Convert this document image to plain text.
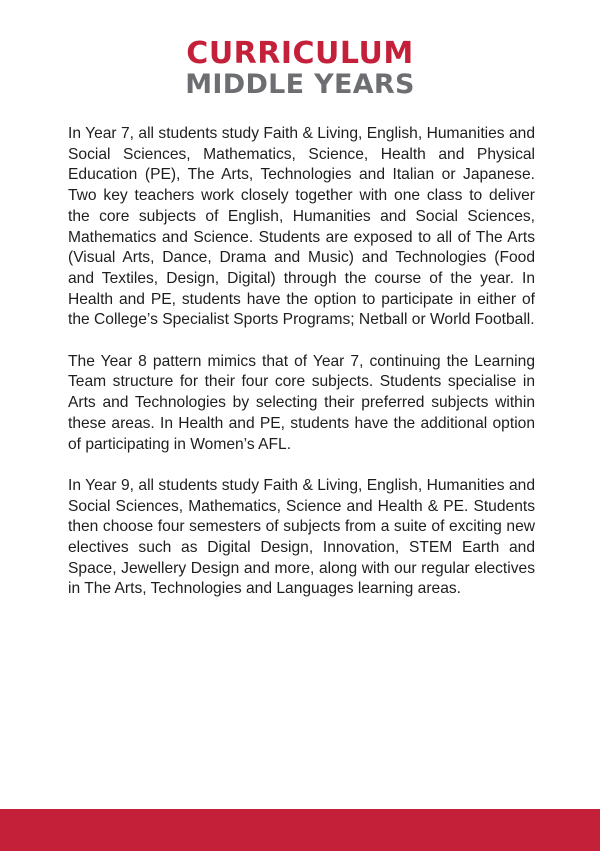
CURRICULUM
MIDDLE YEARS

In Year 7, all students study Faith & Living, English, Humanities and Social Sciences, Mathematics, Science, Health and Physical Education (PE), The Arts, Technologies and Italian or Japanese. Two key teachers work closely together with one class to deliver the core subjects of English, Humanities and Social Sciences, Mathematics and Science. Students are exposed to all of The Arts (Visual Arts, Dance, Drama and Music) and Technologies (Food and Textiles, Design, Digital) through the course of the year. In Health and PE, students have the option to participate in either of the College’s Specialist Sports Programs; Netball or World Football.

The Year 8 pattern mimics that of Year 7, continuing the Learning Team structure for their four core subjects. Students specialise in Arts and Technologies by selecting their preferred subjects within these areas. In Health and PE, students have the additional option of participating in Women’s AFL.

In Year 9, all students study Faith & Living, English, Humanities and Social Sciences, Mathematics, Science and Health & PE. Students then choose four semesters of subjects from a suite of exciting new electives such as Digital Design, Innovation, STEM Earth and Space, Jewellery Design and more, along with our regular electives in The Arts, Technologies and Languages learning areas.
